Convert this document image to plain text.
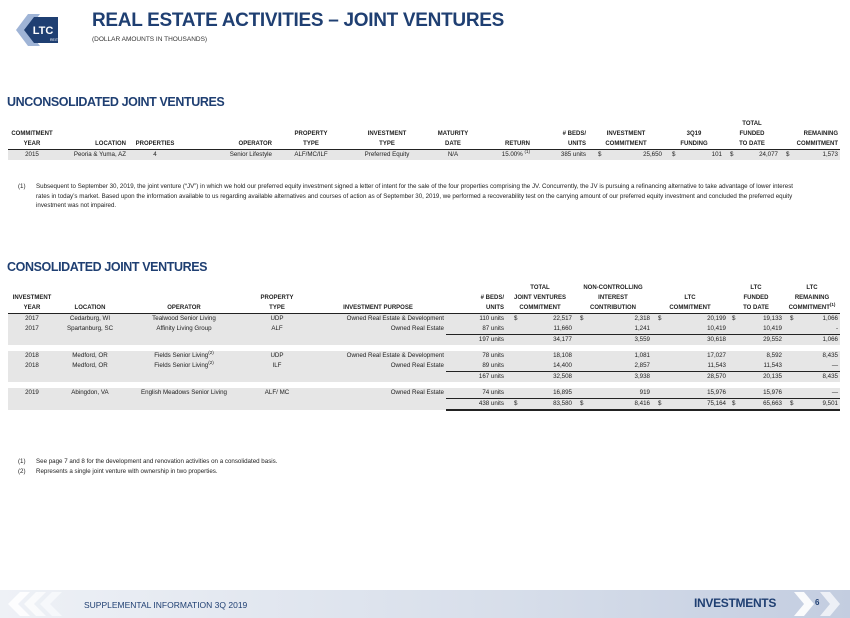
LTC
REIT
REAL ESTATE ACTIVITIES – JOINT VENTURES
(DOLLAR AMOUNTS IN THOUSANDS)
UNCONSOLIDATED JOINT VENTURES
											TOTAL	
COMMITMENT				PROPERTY	INVESTMENT	MATURITY		# BEDS/	INVESTMENT	3Q19	FUNDED	REMAINING
YEAR	LOCATION	PROPERTIES	OPERATOR	TYPE	TYPE	DATE	RETURN	UNITS	COMMITMENT	FUNDING	TO DATE	COMMITMENT
2015	Peoria & Yuma, AZ	4	Senior Lifestyle	ALF/MC/ILF	Preferred Equity	N/A	15.00% $^{(1)}$	385 units	$ 25,650	$ 101	$ 24,077	$ 1,573
(1) Subsequent to September 30, 2019, the joint venture (“JV”) in which we hold our preferred equity investment signed a letter of intent for the sale of the four properties comprising the JV. Concurrently, the JV is pursuing a refinancing alternative to take advantage of lower interest rates in today’s market. Based upon the information available to us regarding available alternatives and courses of action as of September 30, 2019, we performed a recoverability test on the carrying amount of our preferred equity investment and concluded the preferred equity investment was not impaired.
CONSOLIDATED JOINT VENTURES
						TOTAL	NON-CONTROLLING		LTC	LTC
INVESTMENT			PROPERTY		# BEDS/	JOINT VENTURES	INTEREST	LTC	FUNDED	REMAINING
YEAR	LOCATION	OPERATOR	TYPE	INVESTMENT PURPOSE	UNITS	COMMITMENT	CONTRIBUTION	COMMITMENT	TO DATE	COMMITMENT$^{(1)}$
2017	Cedarburg, WI	Tealwood Senior Living	UDP	Owned Real Estate & Development	110 units	$ 22,517	$ 2,318	$ 20,199	$ 19,133	$ 1,066
2017	Spartanburg, SC	Affinity Living Group	ALF	Owned Real Estate	87 units	11,660	1,241	10,419	10,419	-
					197 units	34,177	3,559	30,618	29,552	1,066

2018	Medford, OR	Fields Senior Living$^{(2)}$	UDP	Owned Real Estate & Development	78 units	18,108	1,081	17,027	8,592	8,435
2018	Medford, OR	Fields Senior Living$^{(2)}$	ILF	Owned Real Estate	89 units	14,400	2,857	11,543	11,543	—
					167 units	32,508	3,938	28,570	20,135	8,435

2019	Abingdon, VA	English Meadows Senior Living	ALF/ MC	Owned Real Estate	74 units	16,895	919	15,976	15,976	—
					438 units	$ 83,580	$ 8,416	$ 75,164	$ 65,663	$ 9,501
(1) See page 7 and 8 for the development and renovation activities on a consolidated basis.
(2) Represents a single joint venture with ownership in two properties.
SUPPLEMENTAL INFORMATION 3Q 2019	INVESTMENTS	6
